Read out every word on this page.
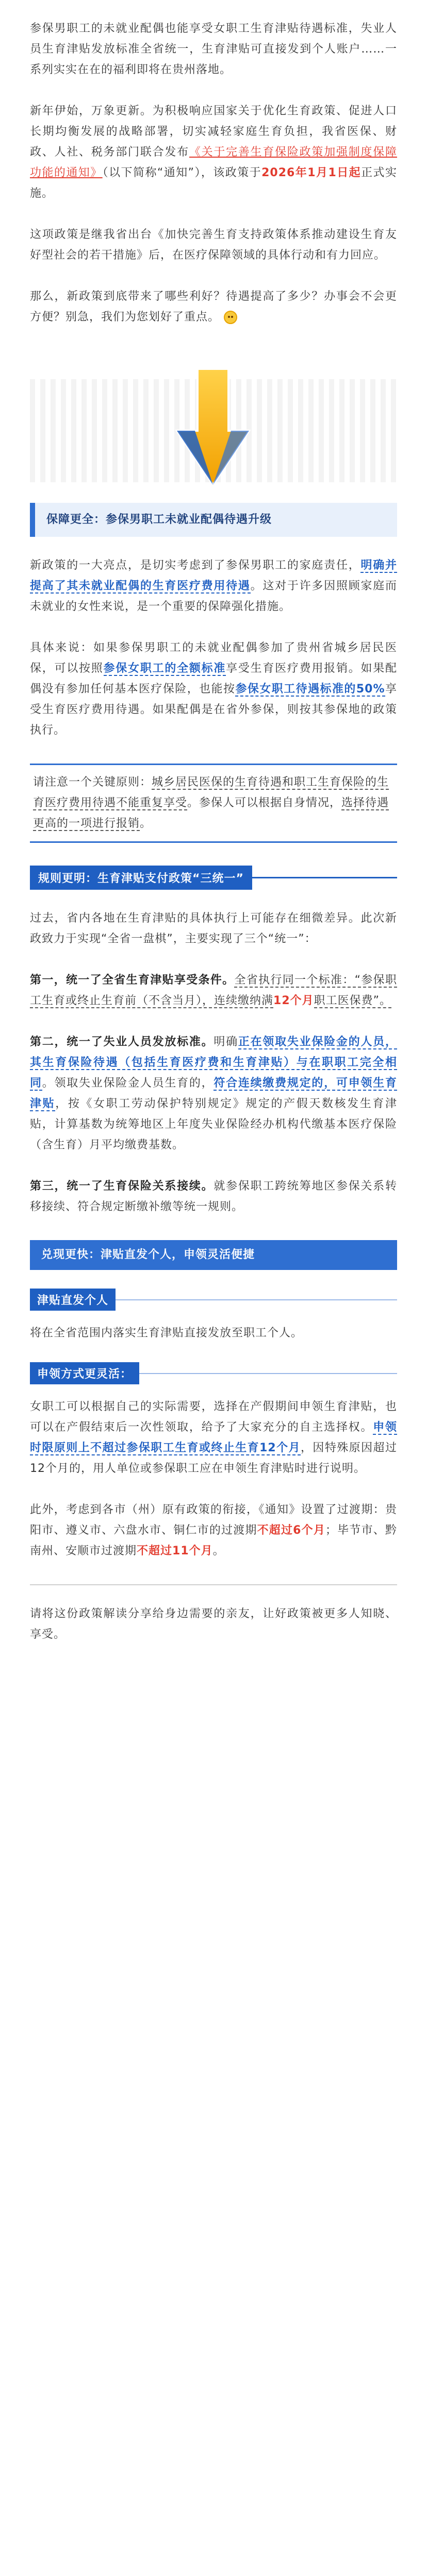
参保男职工的未就业配偶也能享受女职工生育津贴待遇标准，失业人员生育津贴发放标准全省统一，生育津贴可直接发到个人账户……一系列实实在在的福利即将在贵州落地。

新年伊始，万象更新。为积极响应国家关于优化生育政策、促进人口长期均衡发展的战略部署，切实减轻家庭生育负担，我省医保、财政、人社、税务部门联合发布《关于完善生育保险政策加强制度保障功能的通知》（以下简称“通知”），该政策于2026年1月1日起正式实施。

这项政策是继我省出台《加快完善生育支持政策体系推动建设生育友好型社会的若干措施》后，在医疗保障领域的具体行动和有力回应。

那么，新政策到底带来了哪些利好？待遇提高了多少？办事会不会更方便？别急，我们为您划好了重点。

保障更全：参保男职工未就业配偶待遇升级

新政策的一大亮点，是切实考虑到了参保男职工的家庭责任，明确并提高了其未就业配偶的生育医疗费用待遇。这对于许多因照顾家庭而未就业的女性来说，是一个重要的保障强化措施。

具体来说：如果参保男职工的未就业配偶参加了贵州省城乡居民医保，可以按照参保女职工的全额标准享受生育医疗费用报销。如果配偶没有参加任何基本医疗保险，也能按参保女职工待遇标准的50%享受生育医疗费用待遇。如果配偶是在省外参保，则按其参保地的政策执行。

请注意一个关键原则：城乡居民医保的生育待遇和职工生育保险的生育医疗费用待遇不能重复享受。参保人可以根据自身情况，选择待遇更高的一项进行报销。
规则更明：生育津贴支付政策“三统一”

过去，省内各地在生育津贴的具体执行上可能存在细微差异。此次新政致力于实现“全省一盘棋”，主要实现了三个“统一”：

第一，统一了全省生育津贴享受条件。全省执行同一个标准：“参保职工生育或终止生育前（不含当月），连续缴纳满12个月职工医保费”。

第二，统一了失业人员发放标准。明确正在领取失业保险金的人员，其生育保险待遇（包括生育医疗费和生育津贴）与在职职工完全相同。领取失业保险金人员生育的，符合连续缴费规定的，可申领生育津贴，按《女职工劳动保护特别规定》规定的产假天数核发生育津贴，计算基数为统筹地区上年度失业保险经办机构代缴基本医疗保险（含生育）月平均缴费基数。

第三，统一了生育保险关系接续。就参保职工跨统筹地区参保关系转移接续、符合规定断缴补缴等统一规则。

兑现更快：津贴直发个人，申领灵活便捷
津贴直发个人

将在全省范围内落实生育津贴直接发放至职工个人。

申领方式更灵活：

女职工可以根据自己的实际需要，选择在产假期间申领生育津贴，也可以在产假结束后一次性领取，给予了大家充分的自主选择权。申领时限原则上不超过参保职工生育或终止生育12个月，因特殊原因超过12个月的，用人单位或参保职工应在申领生育津贴时进行说明。

此外，考虑到各市（州）原有政策的衔接，《通知》设置了过渡期：贵阳市、遵义市、六盘水市、铜仁市的过渡期不超过6个月；毕节市、黔南州、安顺市过渡期不超过11个月。

请将这份政策解读分享给身边需要的亲友，让好政策被更多人知晓、享受。
